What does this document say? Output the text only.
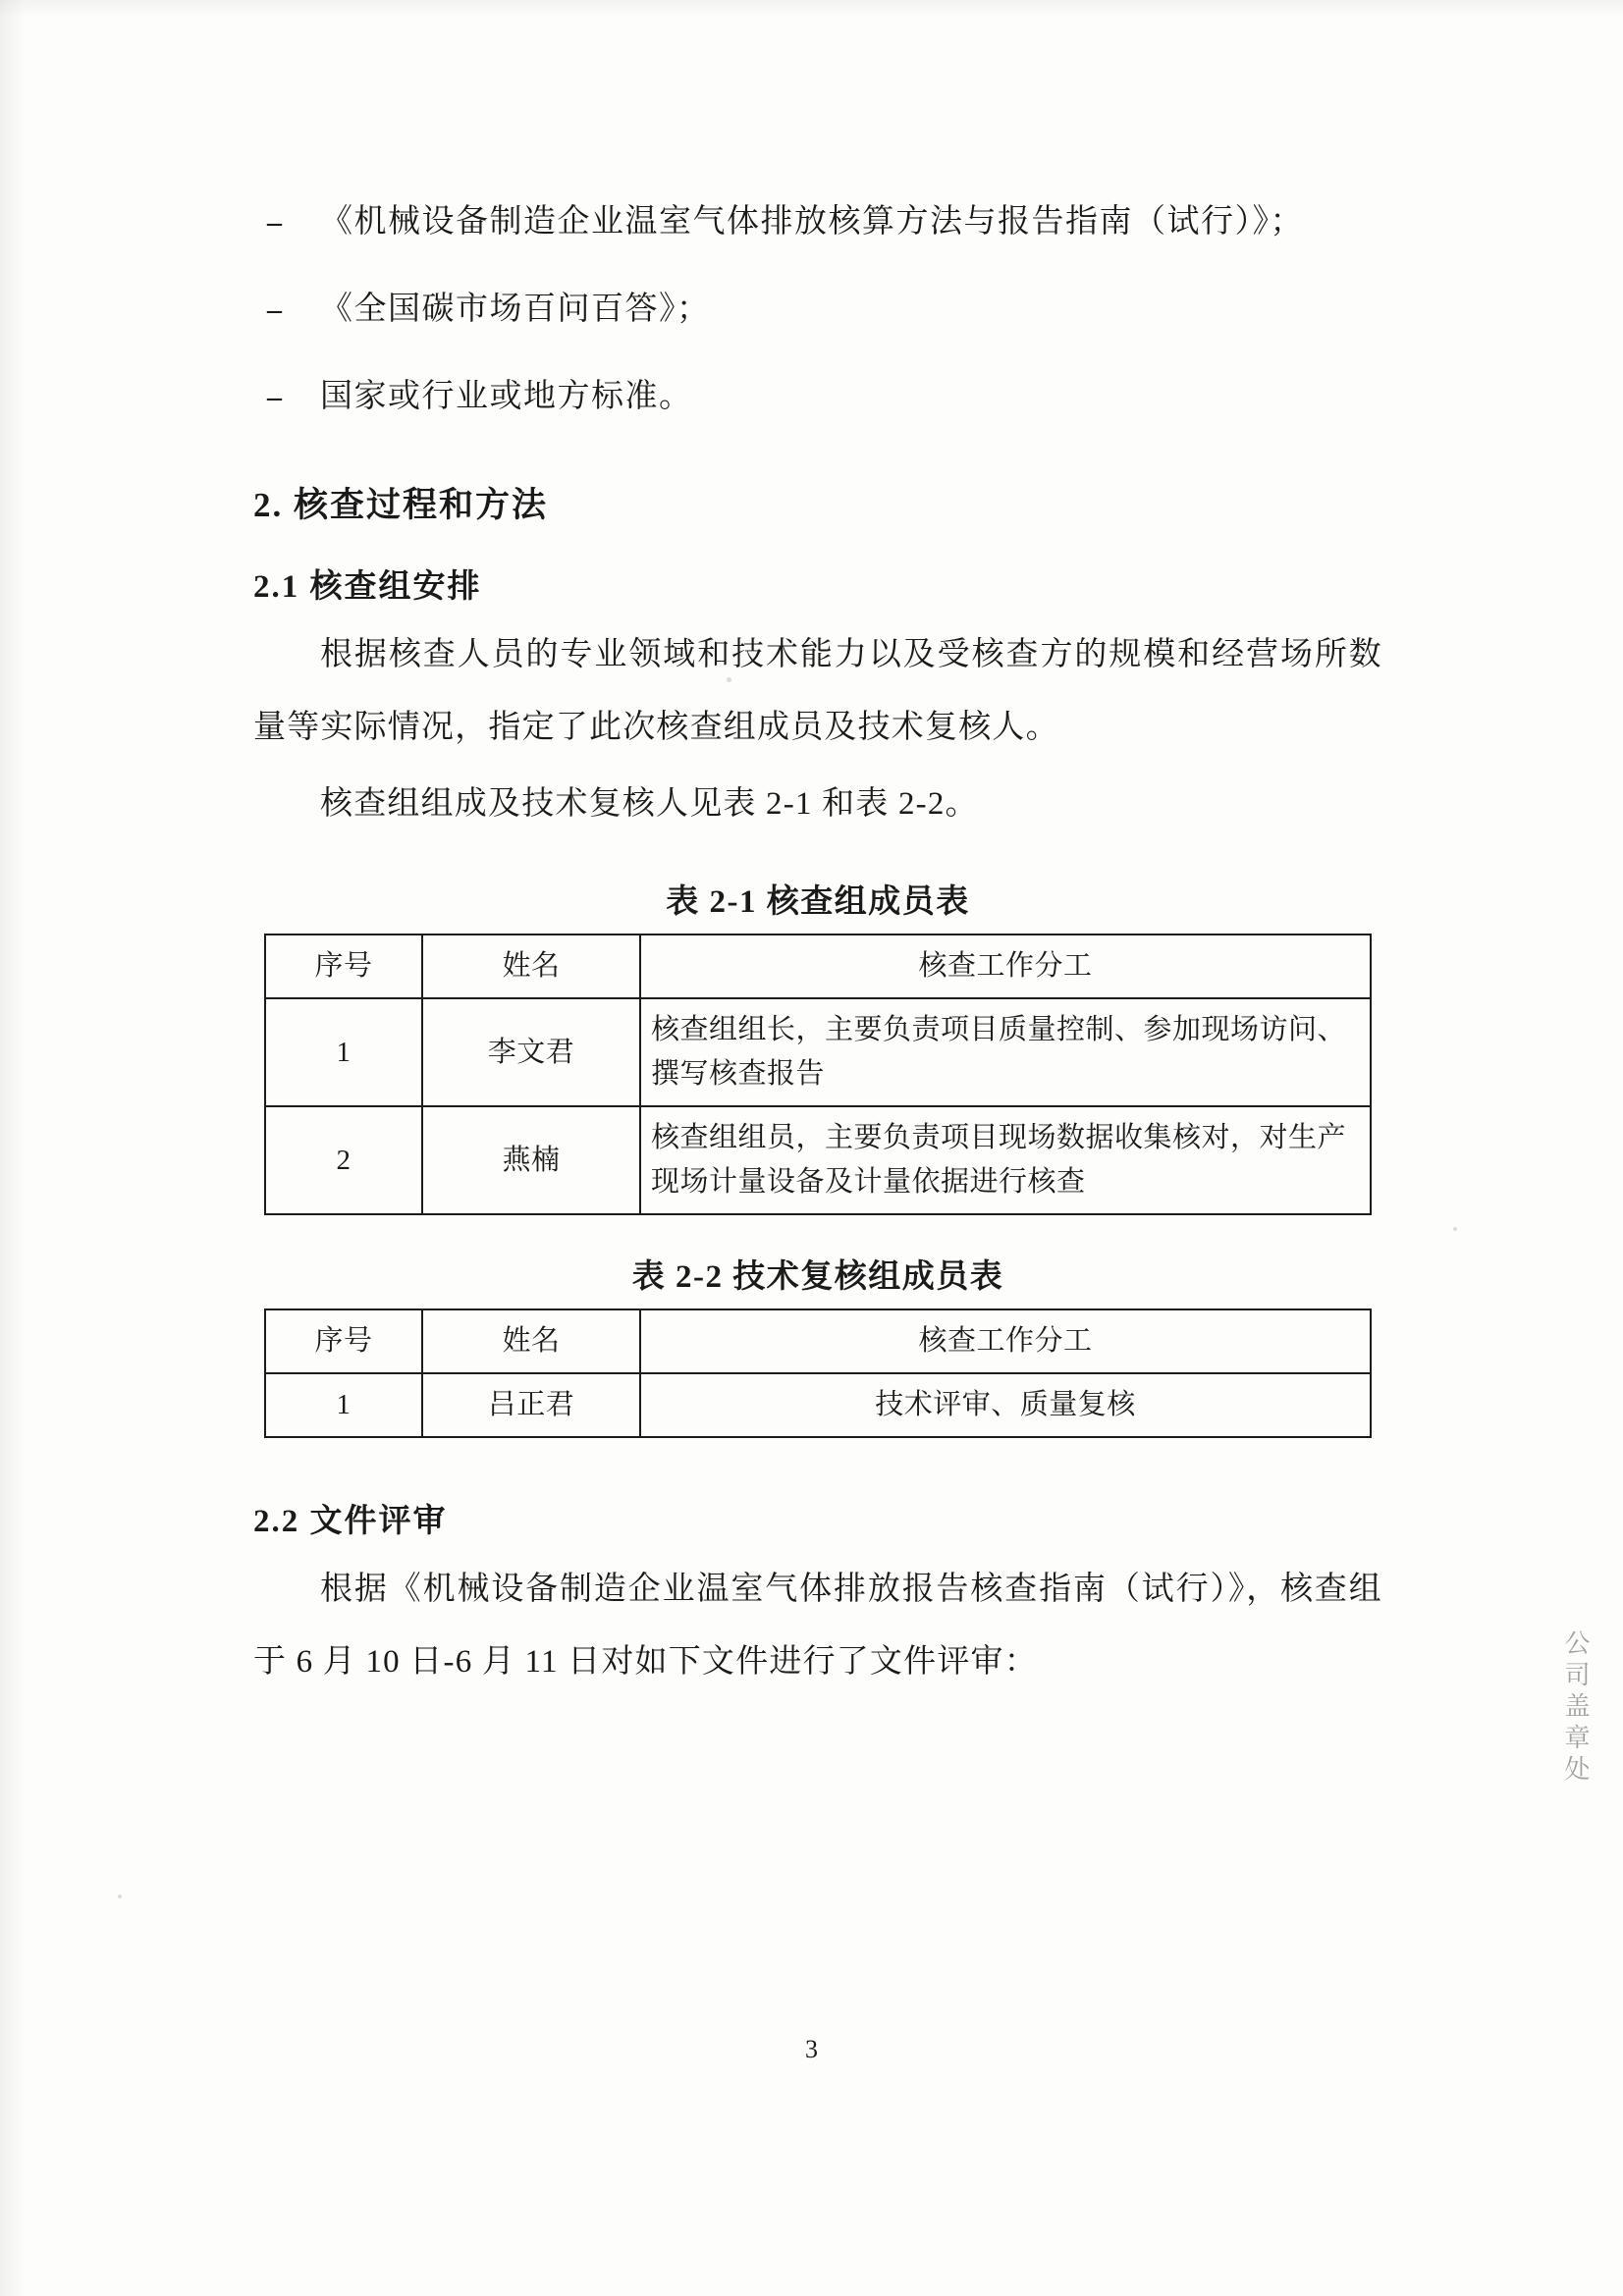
– 《机械设备制造企业温室气体排放核算方法与报告指南（试行）》；
– 《全国碳市场百问百答》；
– 国家或行业或地方标准。
2. 核查过程和方法
2.1 核查组安排

根据核查人员的专业领域和技术能力以及受核查方的规模和经营场所数量等实际情况，指定了此次核查组成员及技术复核人。

核查组组成及技术复核人见表 2-1 和表 2-2。

表 2-1 核查组成员表
序号	姓名	核查工作分工
1	李文君	核查组组长，主要负责项目质量控制、参加现场访问、撰写核查报告
2	燕楠	核查组组员，主要负责项目现场数据收集核对，对生产现场计量设备及计量依据进行核查
表 2-2 技术复核组成员表
序号	姓名	核查工作分工
1	吕正君	技术评审、质量复核
2.2 文件评审

根据《机械设备制造企业温室气体排放报告核查指南（试行）》，核查组于 6 月 10 日-6 月 11 日对如下文件进行了文件评审：	公司盖章处
3
